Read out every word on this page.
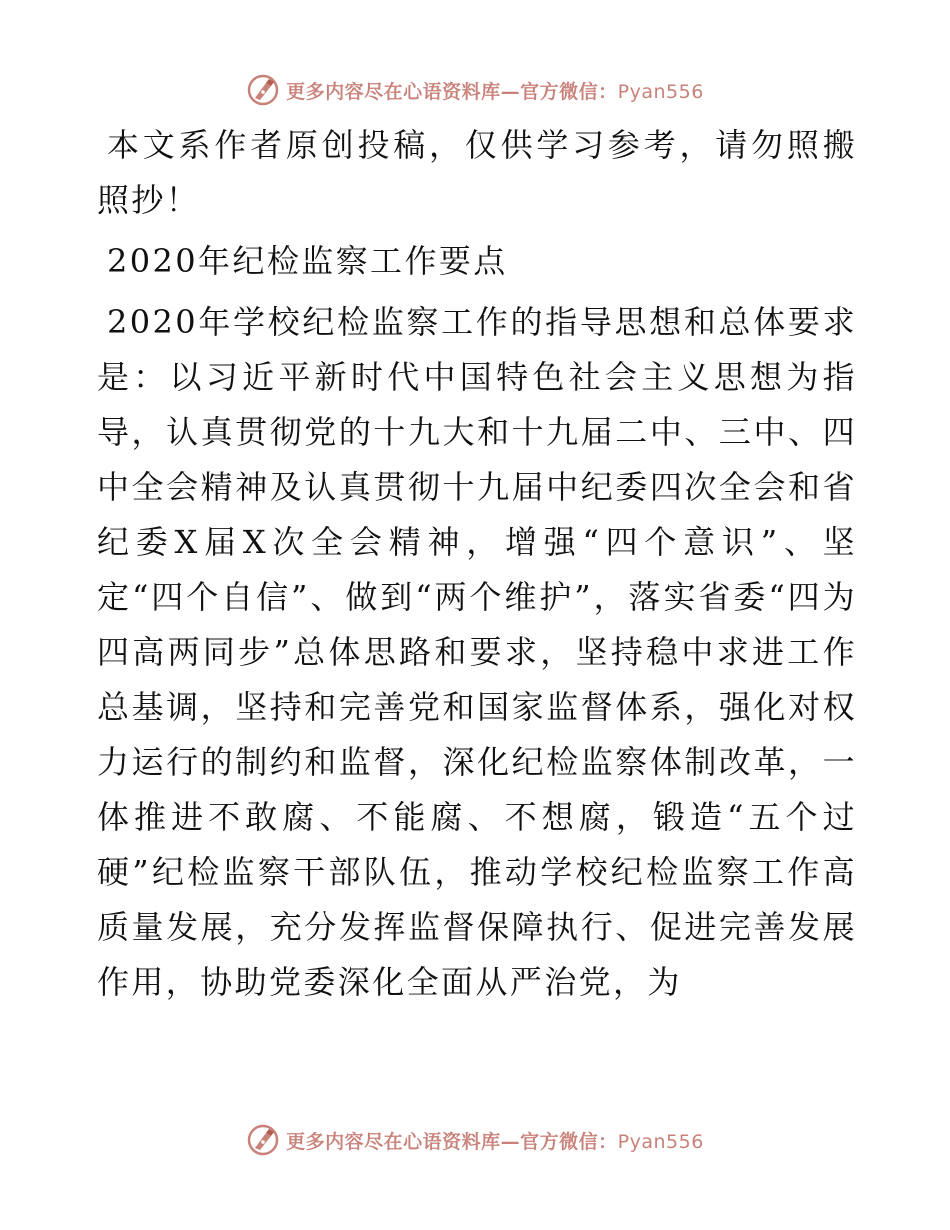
更多内容尽在心语资料库—官方微信：Pyan556

本文系作者原创投稿，仅供学习参考，请勿照搬照抄！

2020年纪检监察工作要点

2020年学校纪检监察工作的指导思想和总体要求是：以习近平新时代中国特色社会主义思想为指导，认真贯彻党的十九大和十九届二中、三中、四中全会精神及认真贯彻十九届中纪委四次全会和省纪委X届X次全会精神，增强“四个意识”、坚定“四个自信”、做到“两个维护”，落实省委“四为四高两同步”总体思路和要求，坚持稳中求进工作总基调，坚持和完善党和国家监督体系，强化对权力运行的制约和监督，深化纪检监察体制改革，一体推进不敢腐、不能腐、不想腐，锻造“五个过硬”纪检监察干部队伍，推动学校纪检监察工作高质量发展，充分发挥监督保障执行、促进完善发展作用，协助党委深化全面从严治党，为

更多内容尽在心语资料库—官方微信：Pyan556
